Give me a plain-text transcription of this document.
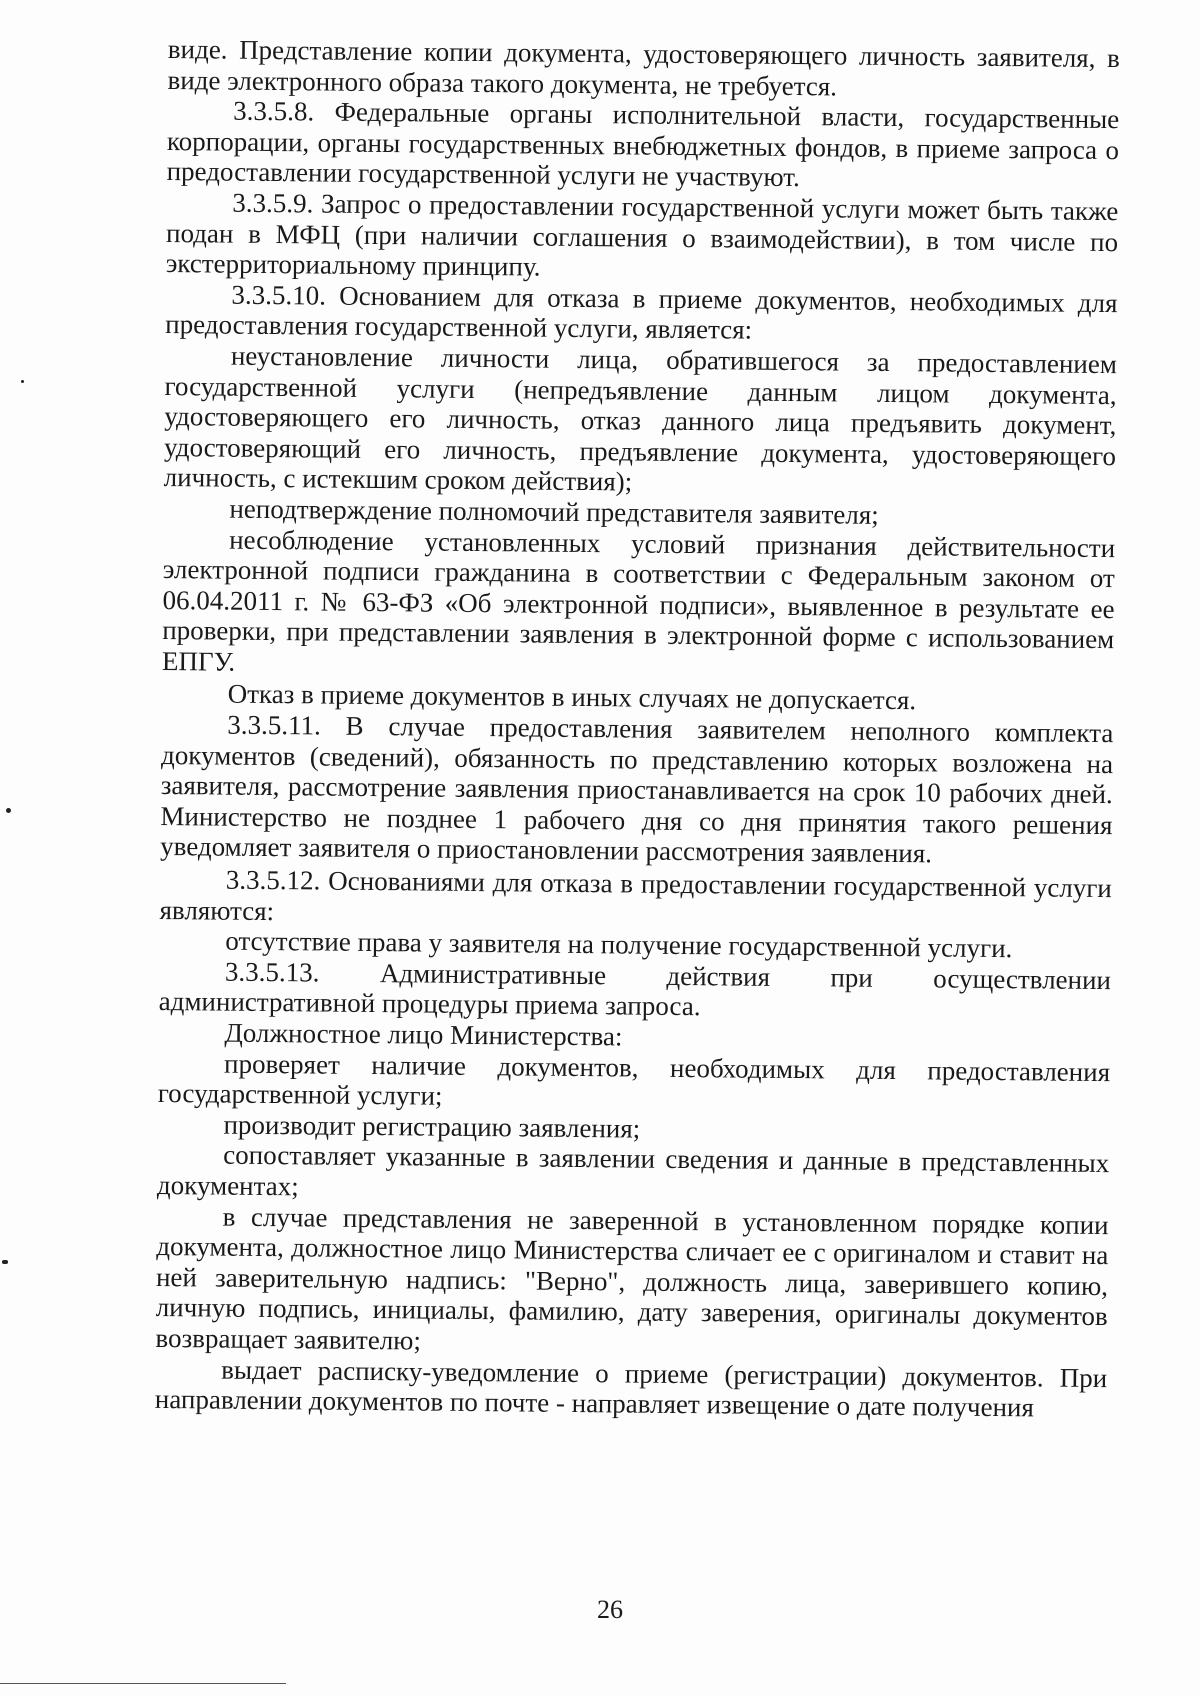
виде. Представление копии документа, удостоверяющего личность заявителя, в виде электронного образа такого документа, не требуется.

3.3.5.8. Федеральные органы исполнительной власти, государственные корпорации, органы государственных внебюджетных фондов, в приеме запроса о предоставлении государственной услуги не участвуют.

3.3.5.9. Запрос о предоставлении государственной услуги может быть также подан в МФЦ (при наличии соглашения о взаимодействии), в том числе по экстерриториальному принципу.

3.3.5.10. Основанием для отказа в приеме документов, необходимых для предоставления государственной услуги, является:

неустановление личности лица, обратившегося за предоставлением государственной услуги (непредъявление данным лицом документа, удостоверяющего его личность, отказ данного лица предъявить документ, удостоверяющий его личность, предъявление документа, удостоверяющего личность, с истекшим сроком действия);

неподтверждение полномочий представителя заявителя;

несоблюдение установленных условий признания действительности электронной подписи гражданина в соответствии с Федеральным законом от 06.04.2011 г. № 63-ФЗ «Об электронной подписи», выявленное в результате ее проверки, при представлении заявления в электронной форме с использованием ЕПГУ.

Отказ в приеме документов в иных случаях не допускается.

3.3.5.11. В случае предоставления заявителем неполного комплекта документов (сведений), обязанность по представлению которых возложена на заявителя, рассмотрение заявления приостанавливается на срок 10 рабочих дней. Министерство не позднее 1 рабочего дня со дня принятия такого решения уведомляет заявителя о приостановлении рассмотрения заявления.

3.3.5.12. Основаниями для отказа в предоставлении государственной услуги являются:

отсутствие права у заявителя на получение государственной услуги.

3.3.5.13. Административные действия при осуществлении административной процедуры приема запроса.

Должностное лицо Министерства:

проверяет наличие документов, необходимых для предоставления государственной услуги;

производит регистрацию заявления;

сопоставляет указанные в заявлении сведения и данные в представленных документах;

в случае представления не заверенной в установленном порядке копии документа, должностное лицо Министерства сличает ее с оригиналом и ставит на ней заверительную надпись: "Верно", должность лица, заверившего копию, личную подпись, инициалы, фамилию, дату заверения, оригиналы документов возвращает заявителю;

выдает расписку-уведомление о приеме (регистрации) документов. При направлении документов по почте - направляет извещение о дате получения

26
